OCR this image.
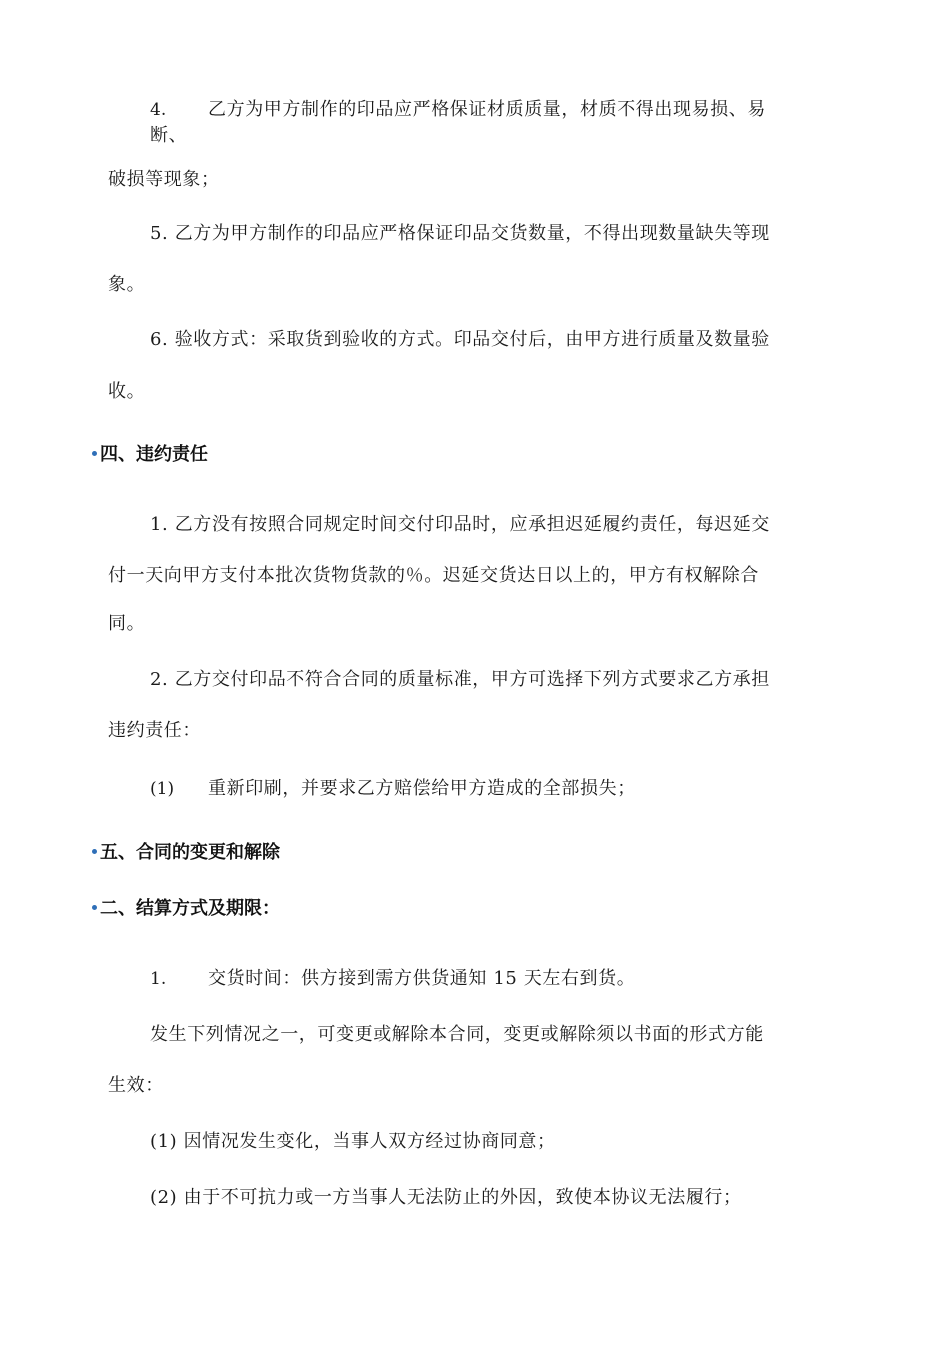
4. 乙方为甲方制作的印品应严格保证材质质量，材质不得出现易损、易
断、
破损等现象；
5. 乙方为甲方制作的印品应严格保证印品交货数量，不得出现数量缺失等现
象。
6. 验收方式：采取货到验收的方式。印品交付后，由甲方进行质量及数量验
收。
四、违约责任
1. 乙方没有按照合同规定时间交付印品时，应承担迟延履约责任，每迟延交
付一天向甲方支付本批次货物货款的％。迟延交货达日以上的，甲方有权解除合
同。
2. 乙方交付印品不符合合同的质量标准，甲方可选择下列方式要求乙方承担
违约责任：
(1) 重新印刷，并要求乙方赔偿给甲方造成的全部损失；
五、合同的变更和解除
二、结算方式及期限：
1. 交货时间：供方接到需方供货通知 15 天左右到货。
发生下列情况之一，可变更或解除本合同，变更或解除须以书面的形式方能
生效：
(1) 因情况发生变化，当事人双方经过协商同意；
(2) 由于不可抗力或一方当事人无法防止的外因，致使本协议无法履行；
